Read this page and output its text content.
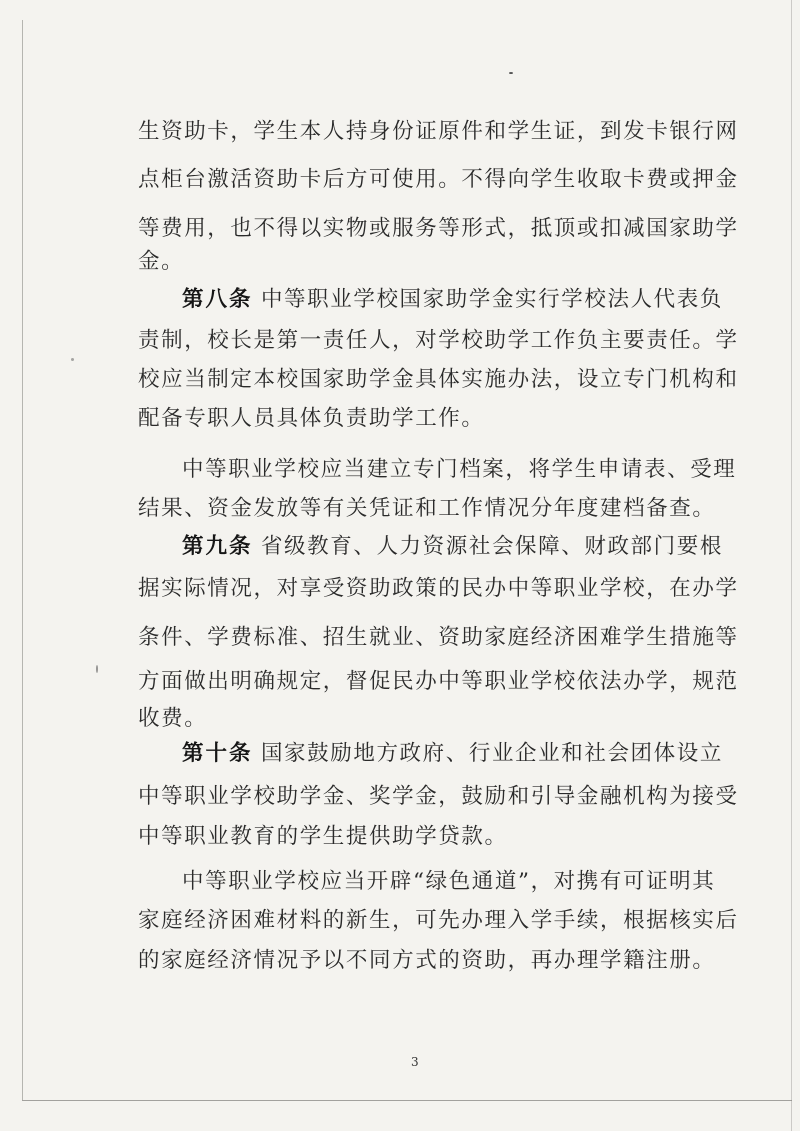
生资助卡，学生本人持身份证原件和学生证，到发卡银行网
点柜台激活资助卡后方可使用。不得向学生收取卡费或押金
等费用，也不得以实物或服务等形式，抵顶或扣减国家助学
金。
第八条 中等职业学校国家助学金实行学校法人代表负
责制，校长是第一责任人，对学校助学工作负主要责任。学
校应当制定本校国家助学金具体实施办法，设立专门机构和
配备专职人员具体负责助学工作。
中等职业学校应当建立专门档案，将学生申请表、受理
结果、资金发放等有关凭证和工作情况分年度建档备查。
第九条 省级教育、人力资源社会保障、财政部门要根
据实际情况，对享受资助政策的民办中等职业学校，在办学
条件、学费标准、招生就业、资助家庭经济困难学生措施等
方面做出明确规定，督促民办中等职业学校依法办学，规范
收费。
第十条 国家鼓励地方政府、行业企业和社会团体设立
中等职业学校助学金、奖学金，鼓励和引导金融机构为接受
中等职业教育的学生提供助学贷款。
中等职业学校应当开辟“绿色通道”，对携有可证明其
家庭经济困难材料的新生，可先办理入学手续，根据核实后
的家庭经济情况予以不同方式的资助，再办理学籍注册。
3
